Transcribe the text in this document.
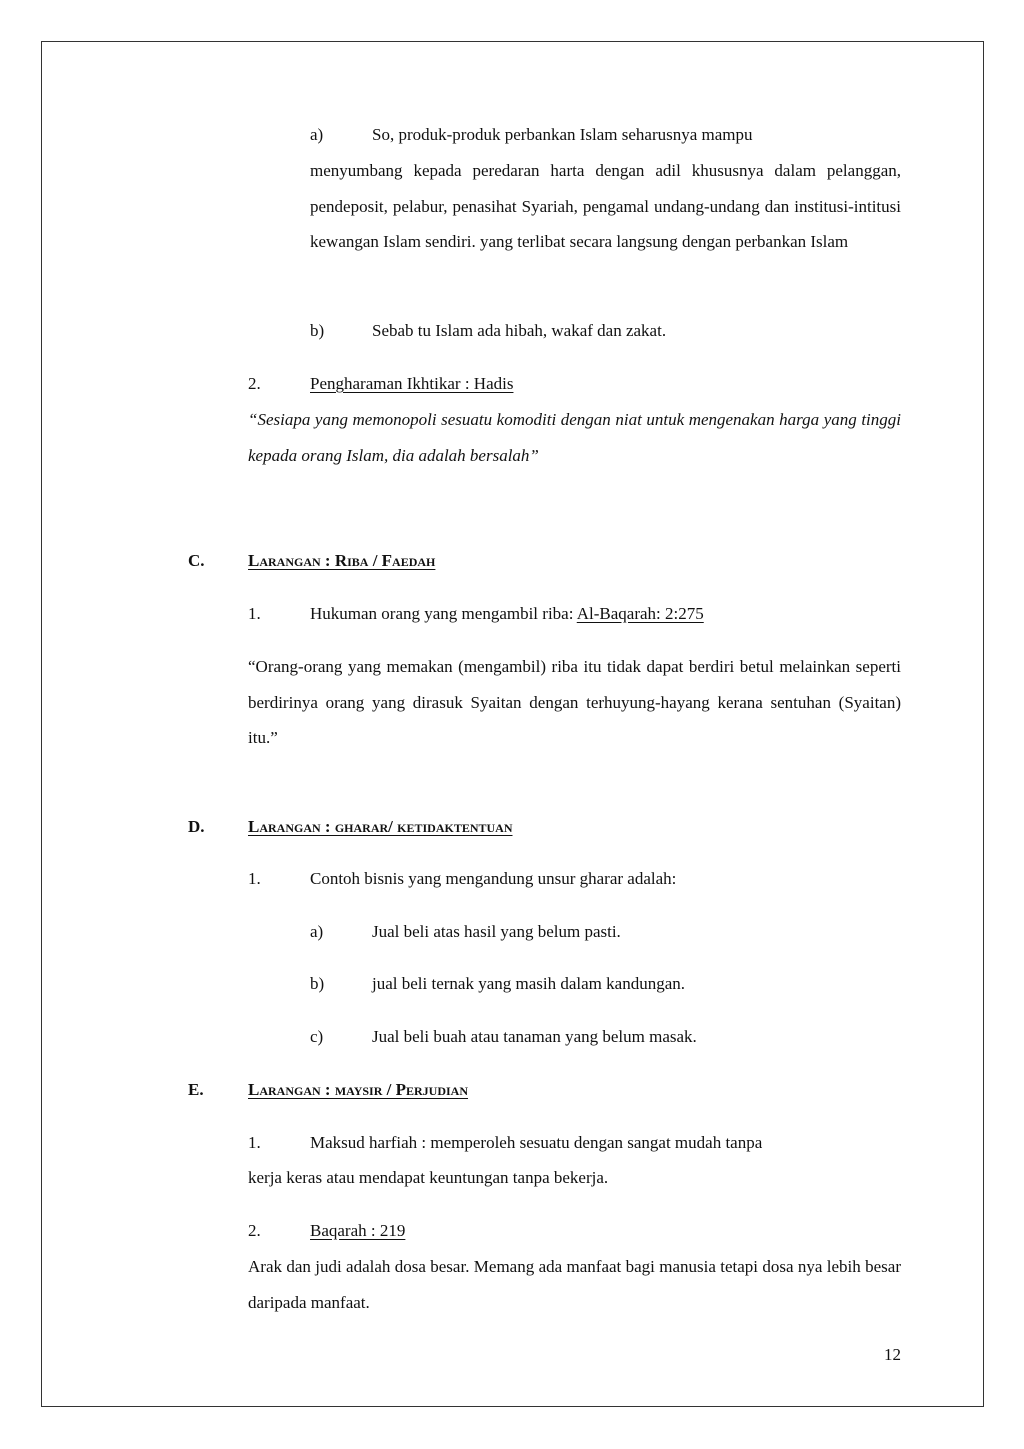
a)	So, produk-produk perbankan Islam seharusnya mampu
menyumbang kepada peredaran harta dengan adil khususnya dalam pelanggan, pendeposit, pelabur, penasihat Syariah, pengamal undang-undang dan institusi-intitusi kewangan Islam sendiri. yang terlibat secara langsung dengan perbankan Islam
b)	Sebab tu Islam ada hibah, wakaf dan zakat.
2.	Pengharaman Ikhtikar : Hadis
“Sesiapa yang memonopoli sesuatu komoditi dengan niat untuk mengenakan harga yang tinggi kepada orang Islam, dia adalah bersalah”
C.	Larangan : Riba / Faedah
1.	Hukuman orang yang mengambil riba: Al-Baqarah: 2:275
“Orang-orang yang memakan (mengambil) riba itu tidak dapat berdiri betul melainkan seperti berdirinya orang yang dirasuk Syaitan dengan terhuyung-hayang kerana sentuhan (Syaitan) itu.”
D.	Larangan : gharar/ ketidaktentuan
1.	Contoh bisnis yang mengandung unsur gharar adalah:
a)	Jual beli atas hasil yang belum pasti.
b)	jual beli ternak yang masih dalam kandungan.
c)	Jual beli buah atau tanaman yang belum masak.
E.	Larangan : maysir / Perjudian
1.	Maksud harfiah : memperoleh sesuatu dengan sangat mudah tanpa
kerja keras atau mendapat keuntungan tanpa bekerja.
2.	Baqarah : 219
Arak dan judi adalah dosa besar. Memang ada manfaat bagi manusia tetapi dosa nya lebih besar daripada manfaat.
12
